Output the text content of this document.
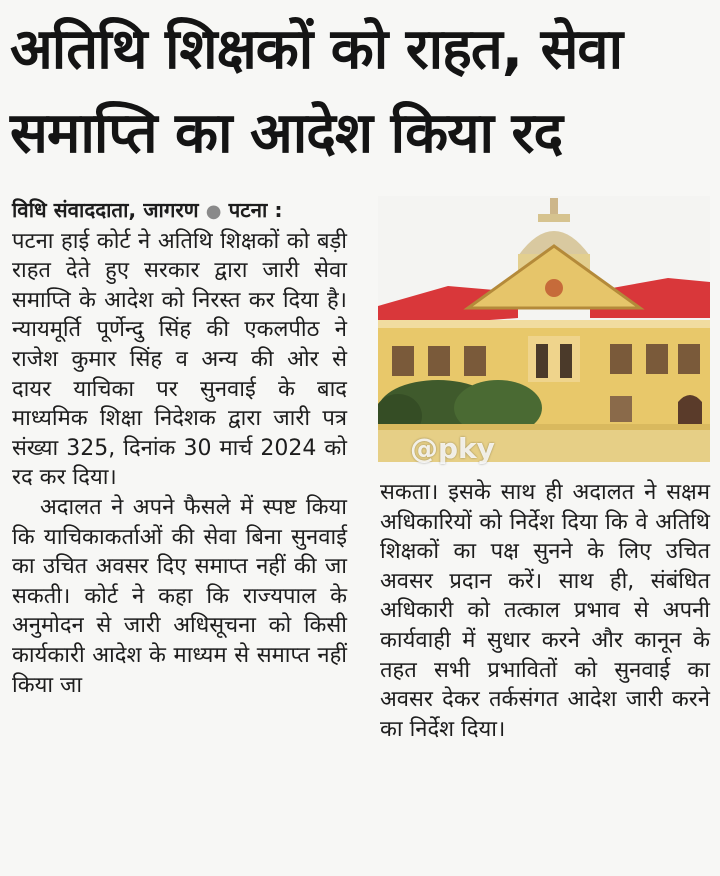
अतिथि शिक्षकों को राहत, सेवा
समाप्ति का आदेश किया रद
विधि संवाददाता, जागरण ● पटना :

पटना हाई कोर्ट ने अतिथि शिक्षकों को बड़ी राहत देते हुए सरकार द्वारा जारी सेवा समाप्ति के आदेश को निरस्त कर दिया है। न्यायमूर्ति पूर्णेन्दु सिंह की एकलपीठ ने राजेश कुमार सिंह व अन्य की ओर से दायर याचिका पर सुनवाई के बाद माध्यमिक शिक्षा निदेशक द्वारा जारी पत्र संख्या 325, दिनांक 30 मार्च 2024 को रद कर दिया।

अदालत ने अपने फैसले में स्पष्ट किया कि याचिकाकर्ताओं की सेवा बिना सुनवाई का उचित अवसर दिए समाप्त नहीं की जा सकती। कोर्ट ने कहा कि राज्यपाल के अनुमोदन से जारी अधिसूचना को किसी कार्यकारी आदेश के माध्यम से समाप्त नहीं किया जा

@pky

सकता। इसके साथ ही अदालत ने सक्षम अधिकारियों को निर्देश दिया कि वे अतिथि शिक्षकों का पक्ष सुनने के लिए उचित अवसर प्रदान करें। साथ ही, संबंधित अधिकारी को तत्काल प्रभाव से अपनी कार्यवाही में सुधार करने और कानून के तहत सभी प्रभावितों को सुनवाई का अवसर देकर तर्कसंगत आदेश जारी करने का निर्देश दिया।
